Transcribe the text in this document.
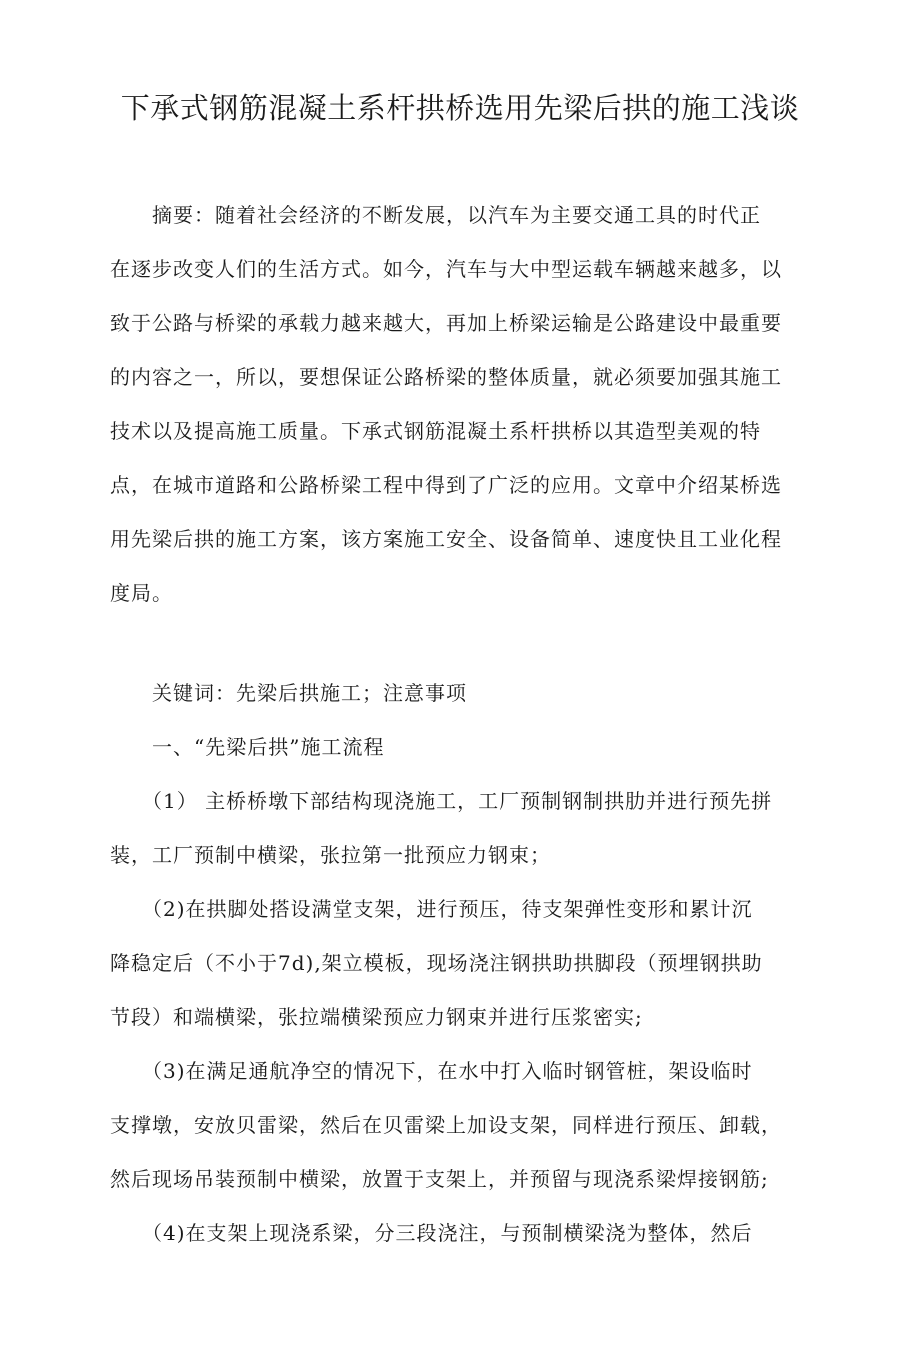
下承式钢筋混凝土系杆拱桥选用先梁后拱的施工浅谈
　　摘要：随着社会经济的不断发展，以汽车为主要交通工具的时代正
在逐步改变人们的生活方式。如今，汽车与大中型运载车辆越来越多，以
致于公路与桥梁的承载力越来越大，再加上桥梁运输是公路建设中最重要
的内容之一，所以，要想保证公路桥梁的整体质量，就必须要加强其施工
技术以及提高施工质量。下承式钢筋混凝土系杆拱桥以其造型美观的特
点，在城市道路和公路桥梁工程中得到了广泛的应用。文章中介绍某桥选
用先梁后拱的施工方案，该方案施工安全、设备简单、速度快且工业化程
度局。
　　关键词：先梁后拱施工；注意事项
　　一、“先梁后拱”施工流程
　　（1） 主桥桥墩下部结构现浇施工，工厂预制钢制拱肋并进行预先拼
装，工厂预制中横梁，张拉第一批预应力钢束；
　　（2)在拱脚处搭设满堂支架，进行预压，待支架弹性变形和累计沉
降稳定后（不小于7d),架立模板，现场浇注钢拱助拱脚段（预埋钢拱助
节段）和端横梁，张拉端横梁预应力钢束并进行压浆密实;
　　（3)在满足通航净空的情况下，在水中打入临时钢管桩，架设临时
支撑墩，安放贝雷梁，然后在贝雷梁上加设支架，同样进行预压、卸载，
然后现场吊装预制中横梁，放置于支架上，并预留与现浇系梁焊接钢筋;
　　（4)在支架上现浇系梁，分三段浇注，与预制横梁浇为整体，然后
